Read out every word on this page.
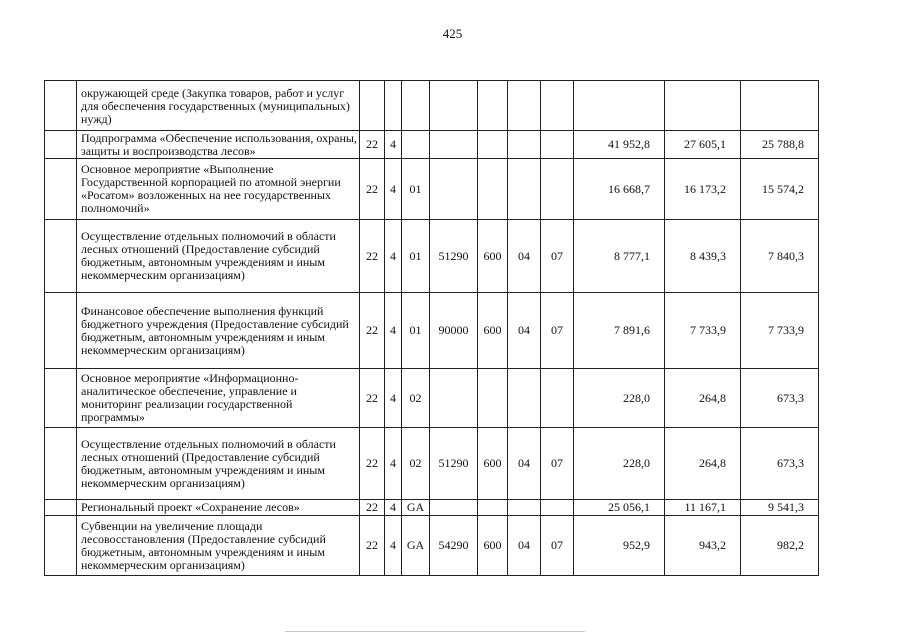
425
	окружающей среде (Закупка товаров, работ и услуг для обеспечения государственных (муниципальных) нужд)										
	Подпрограмма «Обеспечение использования, охраны, защиты и воспроизводства лесов»	22	4						41 952,8	27 605,1	25 788,8
	Основное мероприятие «Выполнение Государственной корпорацией по атомной энергии «Росатом» возложенных на нее государственных полномочий»	22	4	01					16 668,7	16 173,2	15 574,2
	Осуществление отдельных полномочий в области лесных отношений (Предоставление субсидий бюджетным, автономным учреждениям и иным некоммерческим организациям)	22	4	01	51290	600	04	07	8 777,1	8 439,3	7 840,3
	Финансовое обеспечение выполнения функций бюджетного учреждения (Предоставление субсидий бюджетным, автономным учреждениям и иным некоммерческим организациям)	22	4	01	90000	600	04	07	7 891,6	7 733,9	7 733,9
	Основное мероприятие «Информационно-аналитическое обеспечение, управление и мониторинг реализации государственной программы»	22	4	02					228,0	264,8	673,3
	Осуществление отдельных полномочий в области лесных отношений (Предоставление субсидий бюджетным, автономным учреждениям и иным некоммерческим организациям)	22	4	02	51290	600	04	07	228,0	264,8	673,3
	Региональный проект «Сохранение лесов»	22	4	GA					25 056,1	11 167,1	9 541,3
	Субвенции на увеличение площади лесовосстановления (Предоставление субсидий бюджетным, автономным учреждениям и иным некоммерческим организациям)	22	4	GA	54290	600	04	07	952,9	943,2	982,2
